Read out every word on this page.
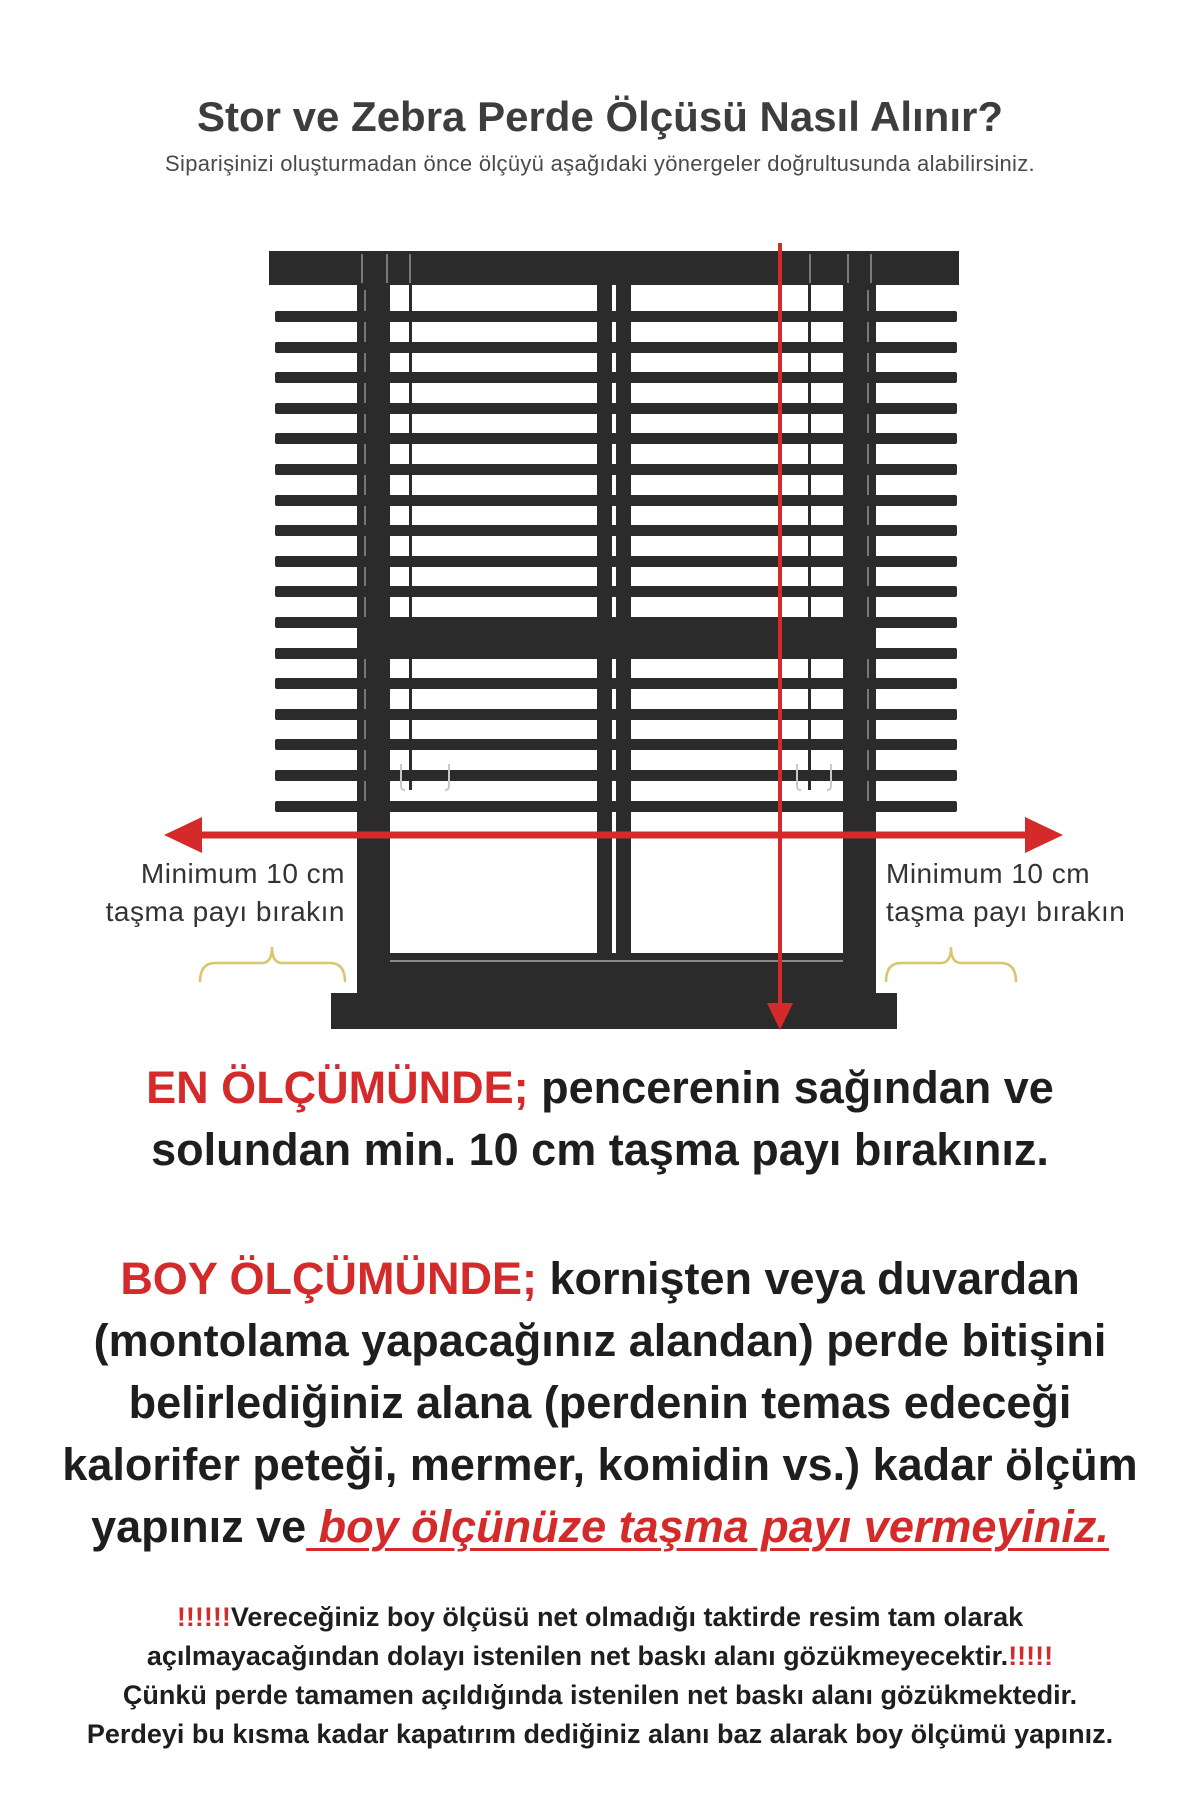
Stor ve Zebra Perde Ölçüsü Nasıl Alınır?
Siparişinizi oluşturmadan önce ölçüyü aşağıdaki yönergeler doğrultusunda alabilirsiniz.
Minimum 10 cm
taşma payı bırakın
Minimum 10 cm
taşma payı bırakın
EN ÖLÇÜMÜNDE; pencerenin sağından ve
solundan min. 10 cm taşma payı bırakınız.
BOY ÖLÇÜMÜNDE; kornişten veya duvardan
(montolama yapacağınız alandan) perde bitişini
belirlediğiniz alana (perdenin temas edeceği
kalorifer peteği, mermer, komidin vs.) kadar ölçüm
yapınız ve boy ölçünüze taşma payı vermeyiniz.
!!!!!!Vereceğiniz boy ölçüsü net olmadığı taktirde resim tam olarak
açılmayacağından dolayı istenilen net baskı alanı gözükmeyecektir.!!!!!
Çünkü perde tamamen açıldığında istenilen net baskı alanı gözükmektedir.
Perdeyi bu kısma kadar kapatırım dediğiniz alanı baz alarak boy ölçümü yapınız.
